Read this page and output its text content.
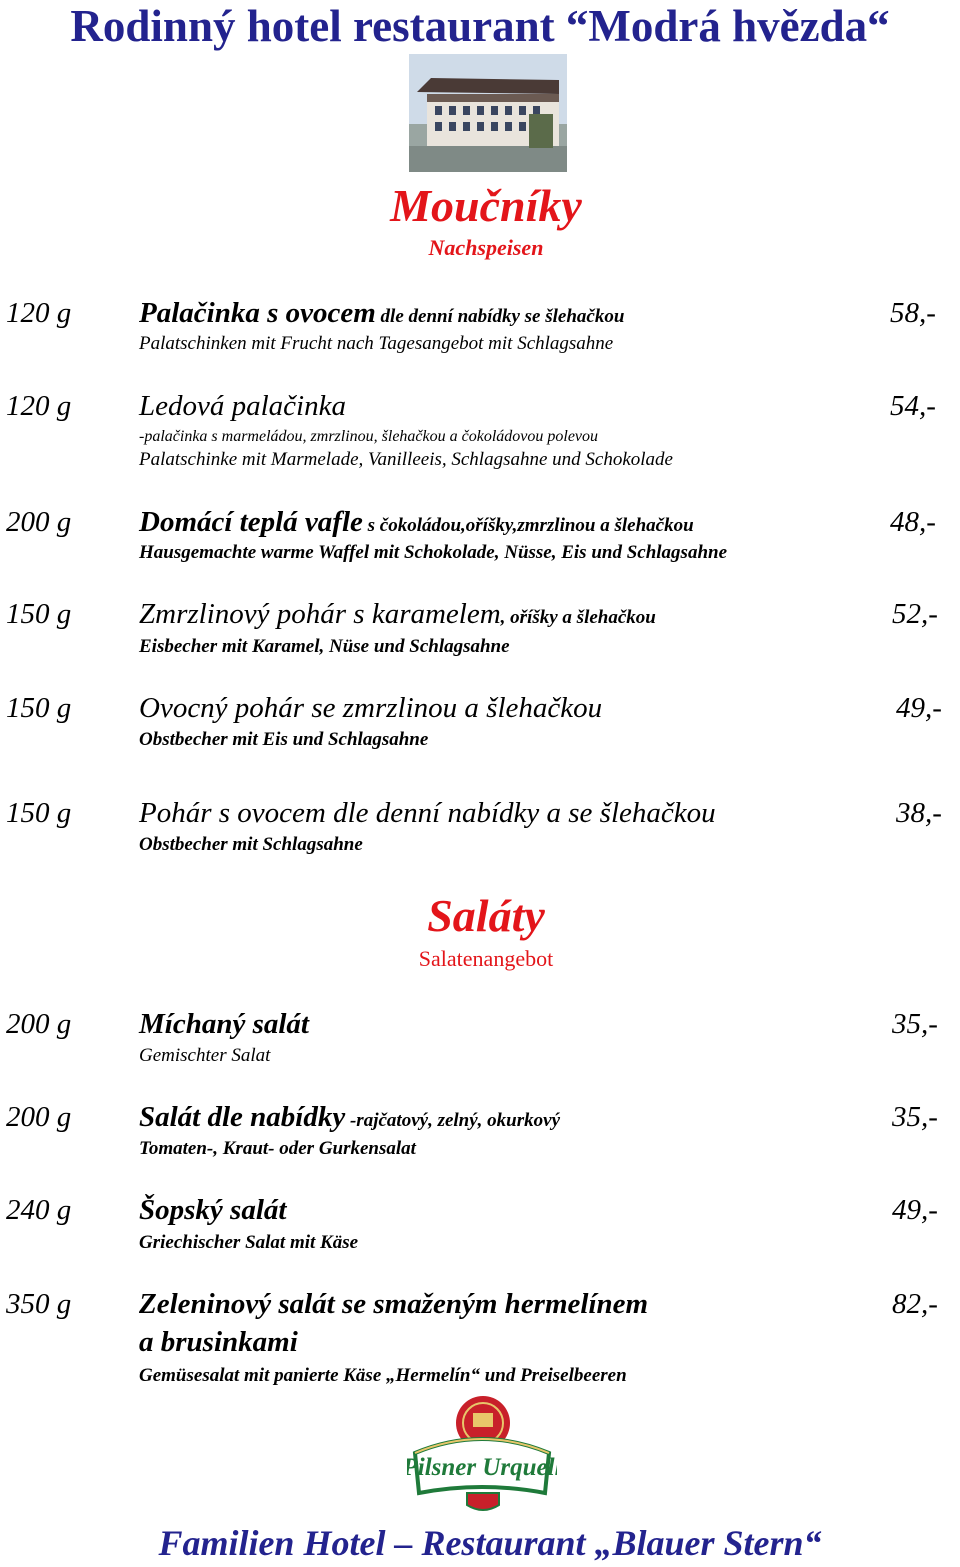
Rodinný hotel restaurant “Modrá hvězda“
Moučníky
Nachspeisen
120 g Palačinka s ovocem dle denní nabídky se šlehačkou	58,-
Palatschinken mit Frucht nach Tagesangebot mit Schlagsahne
120 g Ledová palačinka	54,-
-palačinka s marmeládou, zmrzlinou, šlehačkou a čokoládovou polevou
Palatschinke mit Marmelade, Vanilleeis, Schlagsahne und Schokolade
200 g Domácí teplá vafle s čokoládou,oříšky,zmrzlinou a šlehačkou	48,-
Hausgemachte warme Waffel mit Schokolade, Nüsse, Eis und Schlagsahne
150 g Zmrzlinový pohár s karamelem, oříšky a šlehačkou	52,-
Eisbecher mit Karamel, Nüse und Schlagsahne
150 g Ovocný pohár se zmrzlinou a šlehačkou	49,-
Obstbecher mit Eis und Schlagsahne
150 g Pohár s ovocem dle denní nabídky a se šlehačkou	38,-
Obstbecher mit Schlagsahne
Saláty
Salatenangebot
200 g Míchaný salát	35,-
Gemischter Salat
200 g Salát dle nabídky -rajčatový, zelný, okurkový	35,-
Tomaten-, Kraut- oder Gurkensalat
240 g Šopský salát	49,-
Griechischer Salat mit Käse
350 g Zeleninový salát se smaženým hermelínem
a brusinkami
82,-
Gemüsesalat mit panierte Käse „Hermelín“ und Preiselbeeren
Pilsner Urquell
Familien Hotel – Restaurant „Blauer Stern“
